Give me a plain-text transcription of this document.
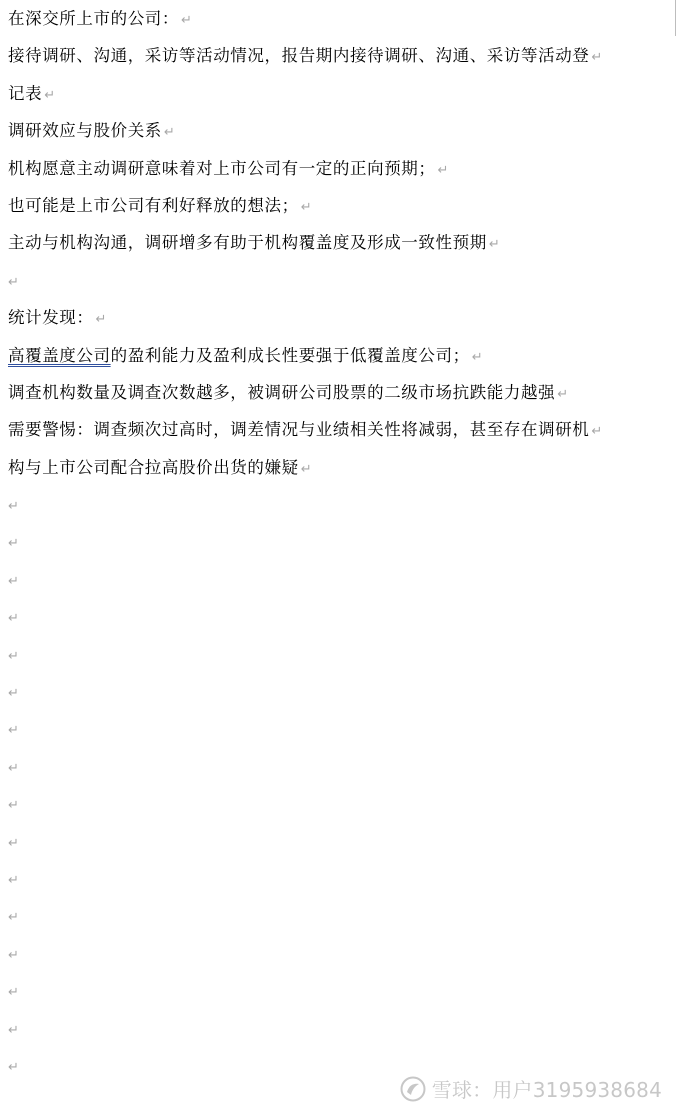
在深交所上市的公司： ↵
接待调研、沟通，采访等活动情况，报告期内接待调研、沟通、采访等活动登 ↵
记表 ↵
调研效应与股价关系 ↵
机构愿意主动调研意味着对上市公司有一定的正向预期； ↵
也可能是上市公司有利好释放的想法； ↵
主动与机构沟通，调研增多有助于机构覆盖度及形成一致性预期 ↵
↵
统计发现： ↵
高覆盖度公司的盈利能力及盈利成长性要强于低覆盖度公司； ↵
调查机构数量及调查次数越多，被调研公司股票的二级市场抗跌能力越强 ↵
需要警惕：调查频次过高时，调差情况与业绩相关性将减弱，甚至存在调研机 ↵
构与上市公司配合拉高股价出货的嫌疑 ↵
↵
↵
↵
↵
↵
↵
↵
↵
↵
↵
↵
↵
↵
↵
↵
↵
雪球：用户3195938684
